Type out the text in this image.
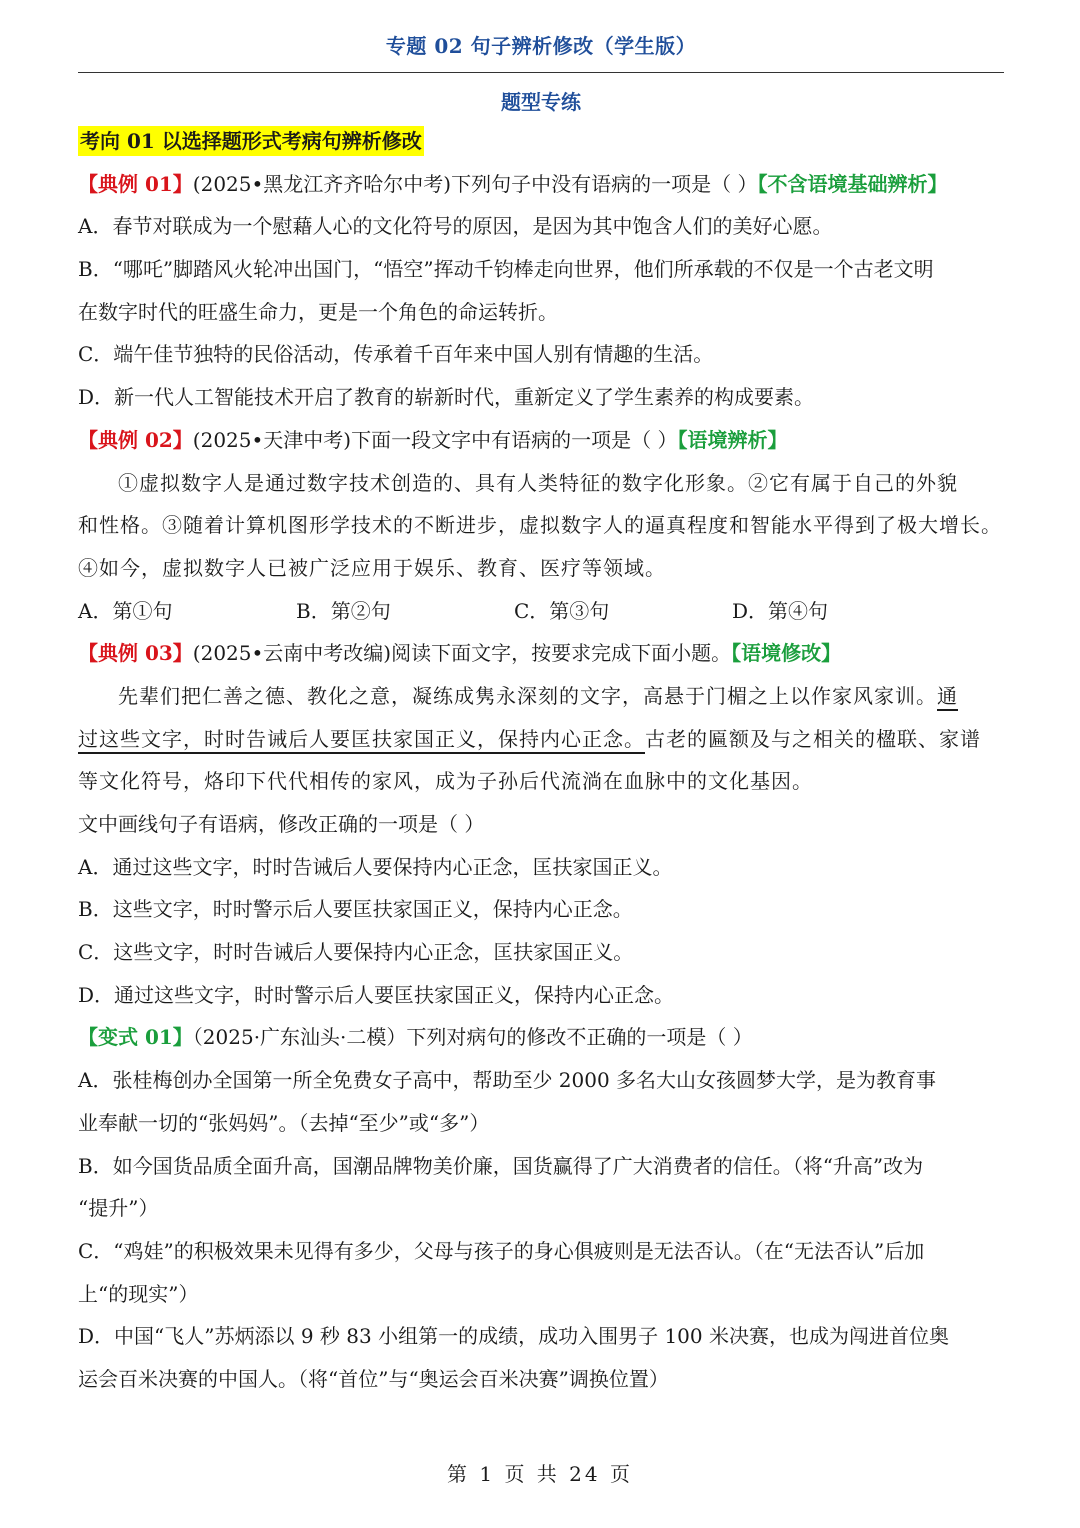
专题 02 句子辨析修改（学生版）
题型专练
考向 01 以选择题形式考病句辨析修改
【典例 01】(2025•黑龙江齐齐哈尔中考)下列句子中没有语病的一项是（ ）【不含语境基础辨析】
A．春节对联成为一个慰藉人心的文化符号的原因，是因为其中饱含人们的美好心愿。
B．“哪吒”脚踏风火轮冲出国门，“悟空”挥动千钧棒走向世界，他们所承载的不仅是一个古老文明
在数字时代的旺盛生命力，更是一个角色的命运转折。
C．端午佳节独特的民俗活动，传承着千百年来中国人别有情趣的生活。
D．新一代人工智能技术开启了教育的崭新时代，重新定义了学生素养的构成要素。
【典例 02】(2025•天津中考)下面一段文字中有语病的一项是（ ）【语境辨析】
①虚拟数字人是通过数字技术创造的、具有人类特征的数字化形象。②它有属于自己的外貌
和性格。③随着计算机图形学技术的不断进步，虚拟数字人的逼真程度和智能水平得到了极大增长。
④如今，虚拟数字人已被广泛应用于娱乐、教育、医疗等领域。
A．第①句	B．第②句	C．第③句	D．第④句
【典例 03】(2025•云南中考改编)阅读下面文字，按要求完成下面小题。【语境修改】
先辈们把仁善之德、教化之意，凝练成隽永深刻的文字，高悬于门楣之上以作家风家训。通
过这些文字，时时告诫后人要匡扶家国正义，保持内心正念。古老的匾额及与之相关的楹联、家谱
等文化符号，烙印下代代相传的家风，成为子孙后代流淌在血脉中的文化基因。
文中画线句子有语病，修改正确的一项是（ ）
A．通过这些文字，时时告诫后人要保持内心正念，匡扶家国正义。
B．这些文字，时时警示后人要匡扶家国正义，保持内心正念。
C．这些文字，时时告诫后人要保持内心正念，匡扶家国正义。
D．通过这些文字，时时警示后人要匡扶家国正义，保持内心正念。
【变式 01】（2025·广东汕头·二模）下列对病句的修改不正确的一项是（ ）
A．张桂梅创办全国第一所全免费女子高中，帮助至少 2000 多名大山女孩圆梦大学，是为教育事
业奉献一切的“张妈妈”。（去掉“至少”或“多”）
B．如今国货品质全面升高，国潮品牌物美价廉，国货赢得了广大消费者的信任。（将“升高”改为
“提升”）
C．“鸡娃”的积极效果未见得有多少，父母与孩子的身心俱疲则是无法否认。（在“无法否认”后加
上“的现实”）
D．中国“飞人”苏炳添以 9 秒 83 小组第一的成绩，成功入围男子 100 米决赛，也成为闯进首位奥
运会百米决赛的中国人。（将“首位”与“奥运会百米决赛”调换位置）
第 1 页 共 24 页
